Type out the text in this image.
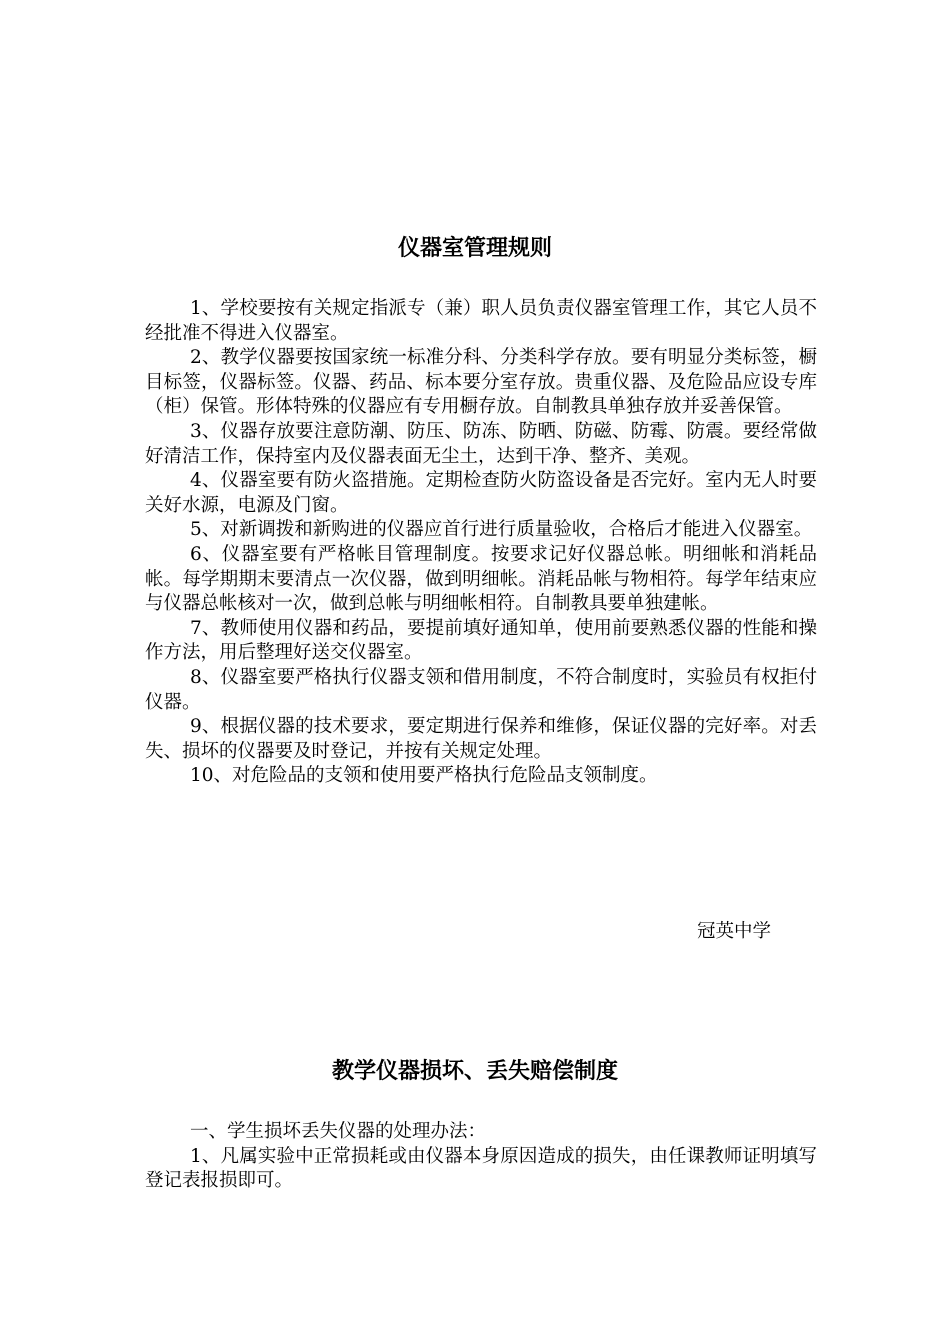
仪器室管理规则

1、学校要按有关规定指派专（兼）职人员负责仪器室管理工作，其它人员不经批准不得进入仪器室。

2、教学仪器要按国家统一标准分科、分类科学存放。要有明显分类标签，橱目标签，仪器标签。仪器、药品、标本要分室存放。贵重仪器、及危险品应设专库（柜）保管。形体特殊的仪器应有专用橱存放。自制教具单独存放并妥善保管。

3、仪器存放要注意防潮、防压、防冻、防晒、防磁、防霉、防震。要经常做好清洁工作，保持室内及仪器表面无尘土，达到干净、整齐、美观。

4、仪器室要有防火盗措施。定期检查防火防盗设备是否完好。室内无人时要关好水源，电源及门窗。

5、对新调拨和新购进的仪器应首行进行质量验收，合格后才能进入仪器室。

6、仪器室要有严格帐目管理制度。按要求记好仪器总帐。明细帐和消耗品帐。每学期期末要清点一次仪器，做到明细帐。消耗品帐与物相符。每学年结束应与仪器总帐核对一次，做到总帐与明细帐相符。自制教具要单独建帐。

7、教师使用仪器和药品，要提前填好通知单，使用前要熟悉仪器的性能和操作方法，用后整理好送交仪器室。

8、仪器室要严格执行仪器支领和借用制度，不符合制度时，实验员有权拒付仪器。

9、根据仪器的技术要求，要定期进行保养和维修，保证仪器的完好率。对丢失、损坏的仪器要及时登记，并按有关规定处理。

10、对危险品的支领和使用要严格执行危险品支领制度。

冠英中学

教学仪器损坏、丢失赔偿制度

一、学生损坏丢失仪器的处理办法：

1、凡属实验中正常损耗或由仪器本身原因造成的损失，由任课教师证明填写登记表报损即可。
